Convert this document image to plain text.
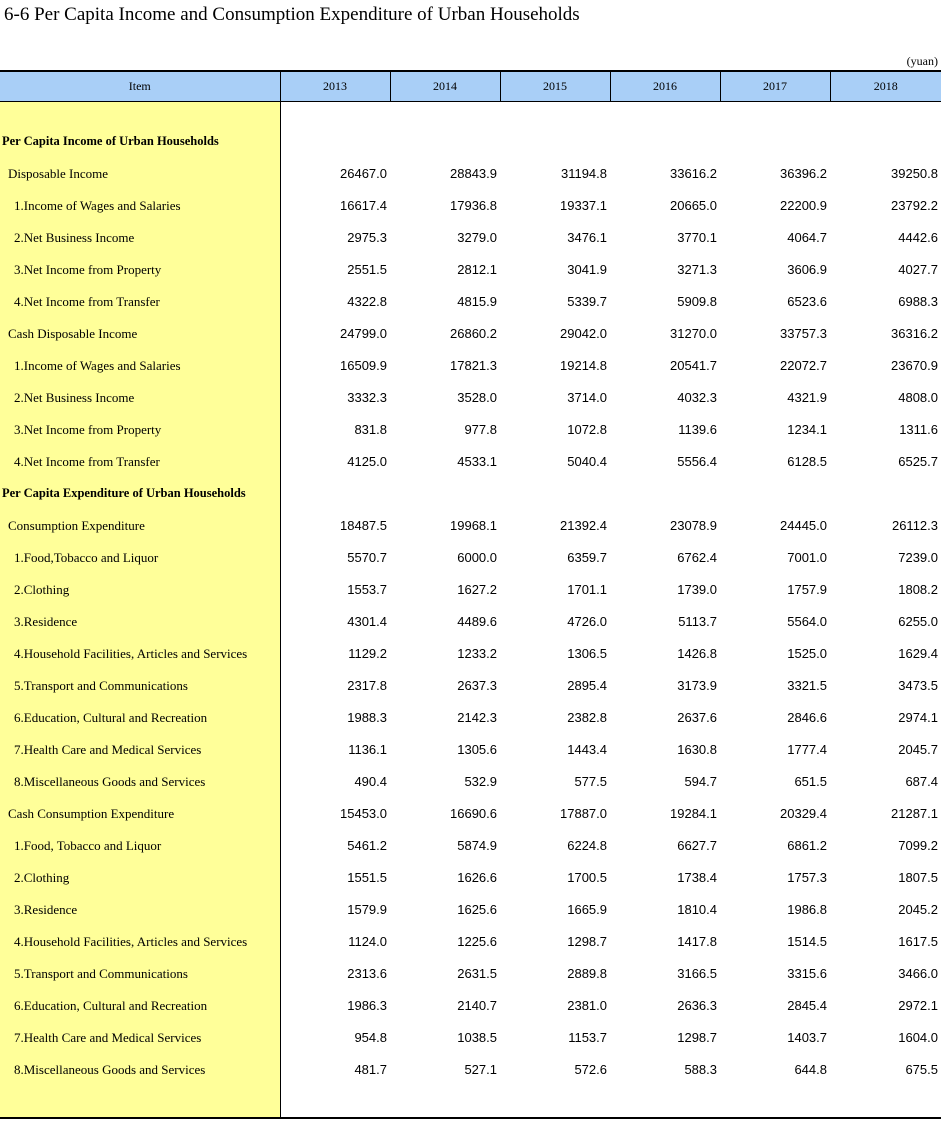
6-6 Per Capita Income and Consumption Expenditure of Urban Households
(yuan)
Item	2013	2014	2015	2016	2017	2018

Per Capita Income of Urban Households						
Disposable Income	26467.0	28843.9	31194.8	33616.2	36396.2	39250.8
1.Income of Wages and Salaries	16617.4	17936.8	19337.1	20665.0	22200.9	23792.2
2.Net Business Income	2975.3	3279.0	3476.1	3770.1	4064.7	4442.6
3.Net Income from Property	2551.5	2812.1	3041.9	3271.3	3606.9	4027.7
4.Net Income from Transfer	4322.8	4815.9	5339.7	5909.8	6523.6	6988.3
Cash Disposable Income	24799.0	26860.2	29042.0	31270.0	33757.3	36316.2
1.Income of Wages and Salaries	16509.9	17821.3	19214.8	20541.7	22072.7	23670.9
2.Net Business Income	3332.3	3528.0	3714.0	4032.3	4321.9	4808.0
3.Net Income from Property	831.8	977.8	1072.8	1139.6	1234.1	1311.6
4.Net Income from Transfer	4125.0	4533.1	5040.4	5556.4	6128.5	6525.7
Per Capita Expenditure of Urban Households						
Consumption Expenditure	18487.5	19968.1	21392.4	23078.9	24445.0	26112.3
1.Food,Tobacco and Liquor	5570.7	6000.0	6359.7	6762.4	7001.0	7239.0
2.Clothing	1553.7	1627.2	1701.1	1739.0	1757.9	1808.2
3.Residence	4301.4	4489.6	4726.0	5113.7	5564.0	6255.0
4.Household Facilities, Articles and Services	1129.2	1233.2	1306.5	1426.8	1525.0	1629.4
5.Transport and Communications	2317.8	2637.3	2895.4	3173.9	3321.5	3473.5
6.Education, Cultural and Recreation	1988.3	2142.3	2382.8	2637.6	2846.6	2974.1
7.Health Care and Medical Services	1136.1	1305.6	1443.4	1630.8	1777.4	2045.7
8.Miscellaneous Goods and Services	490.4	532.9	577.5	594.7	651.5	687.4
Cash Consumption Expenditure	15453.0	16690.6	17887.0	19284.1	20329.4	21287.1
1.Food, Tobacco and Liquor	5461.2	5874.9	6224.8	6627.7	6861.2	7099.2
2.Clothing	1551.5	1626.6	1700.5	1738.4	1757.3	1807.5
3.Residence	1579.9	1625.6	1665.9	1810.4	1986.8	2045.2
4.Household Facilities, Articles and Services	1124.0	1225.6	1298.7	1417.8	1514.5	1617.5
5.Transport and Communications	2313.6	2631.5	2889.8	3166.5	3315.6	3466.0
6.Education, Cultural and Recreation	1986.3	2140.7	2381.0	2636.3	2845.4	2972.1
7.Health Care and Medical Services	954.8	1038.5	1153.7	1298.7	1403.7	1604.0
8.Miscellaneous Goods and Services	481.7	527.1	572.6	588.3	644.8	675.5
